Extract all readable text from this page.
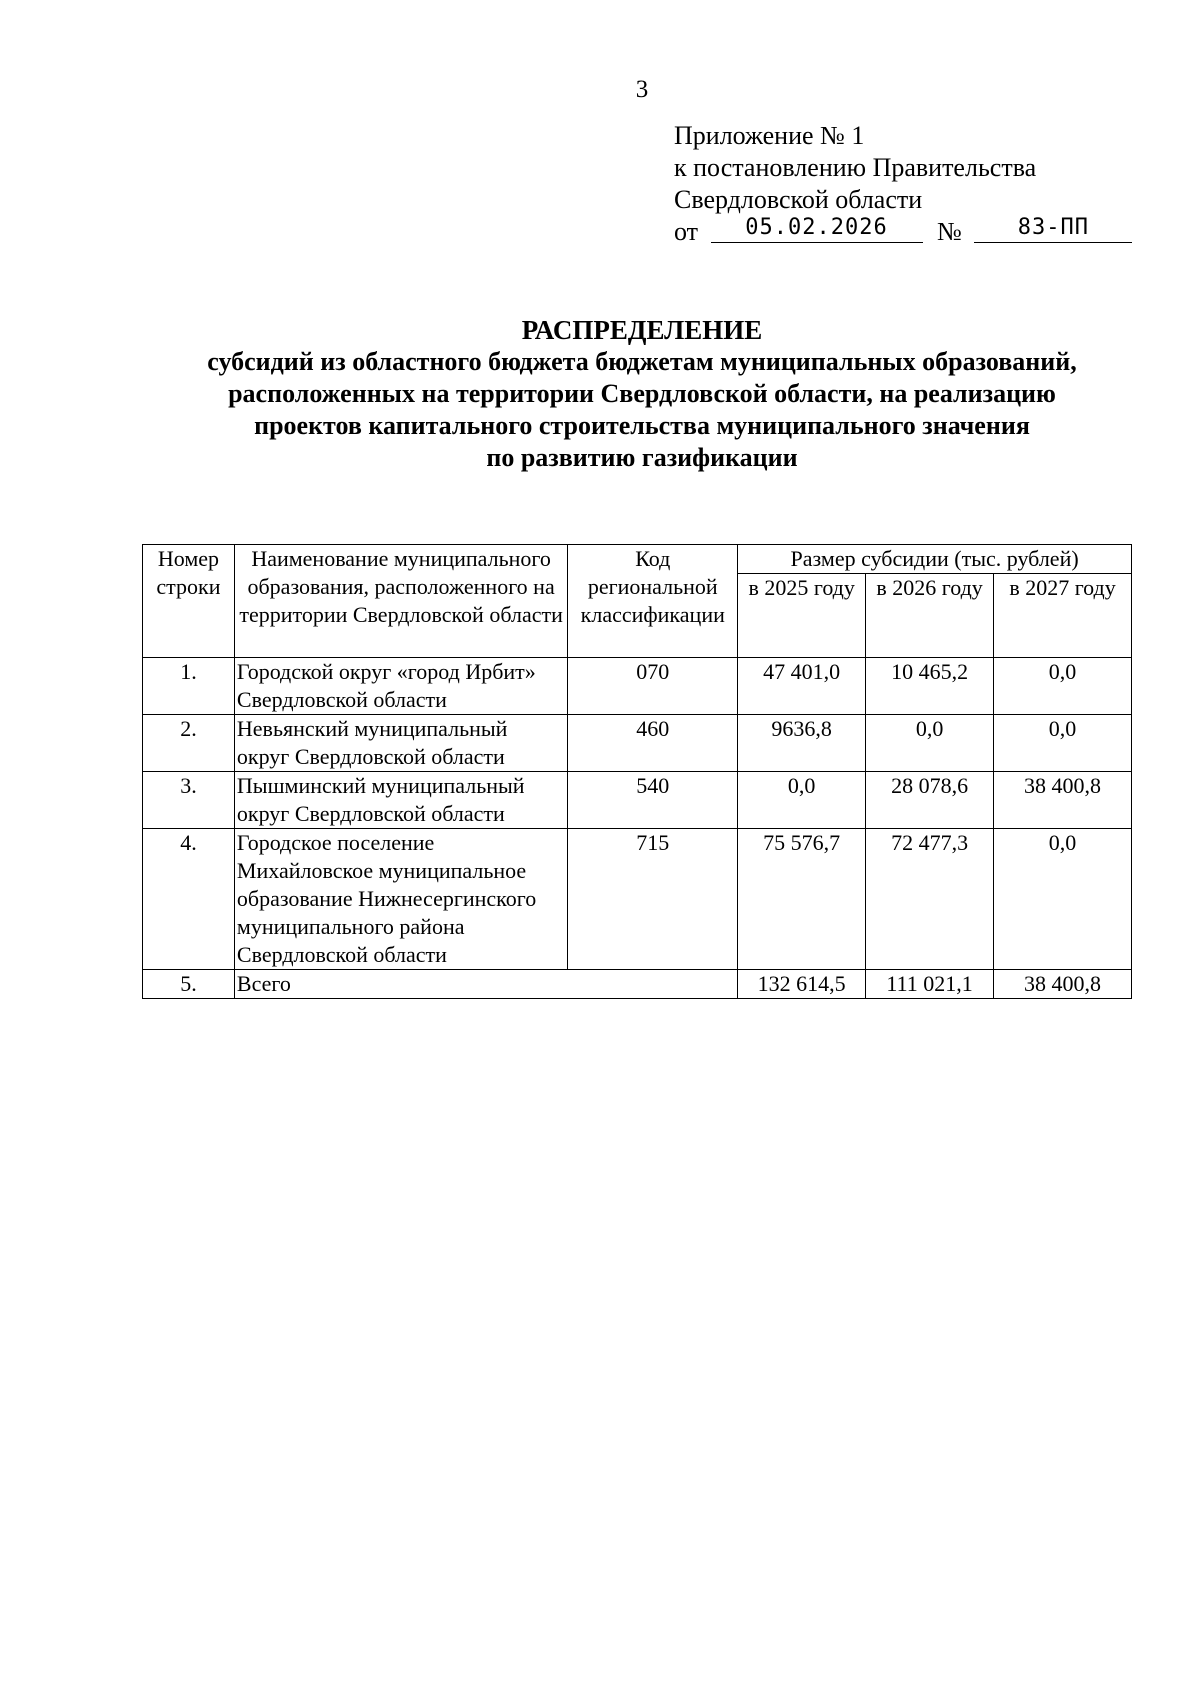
3
Приложение № 1
к постановлению Правительства
Свердловской области
от $^{05.02.2026}$ №	$^{83-ПП}$
РАСПРЕДЕЛЕНИЕ
субсидий из областного бюджета бюджетам муниципальных образований,
расположенных на территории Свердловской области, на реализацию
проектов капитального строительства муниципального значения
по развитию газификации
Номер строки	Наименование муниципального образования, расположенного на территории Свердловской области	Код региональной классификации	Размер субсидии (тыс. рублей)		
			в 2025 году	в 2026 году	в 2027 году
1.	Городской округ «город Ирбит» Свердловской области	070	47 401,0	10 465,2	0,0
2.	Невьянский муниципальный округ Свердловской области	460	9636,8	0,0	0,0
3.	Пышминский муниципальный округ Свердловской области	540	0,0	28 078,6	38 400,8
4.	Городское поселение Михайловское муниципальное образование Нижнесергинского муниципального района Свердловской области	715	75 576,7	72 477,3	0,0
5.	Всего		132 614,5	111 021,1	38 400,8
